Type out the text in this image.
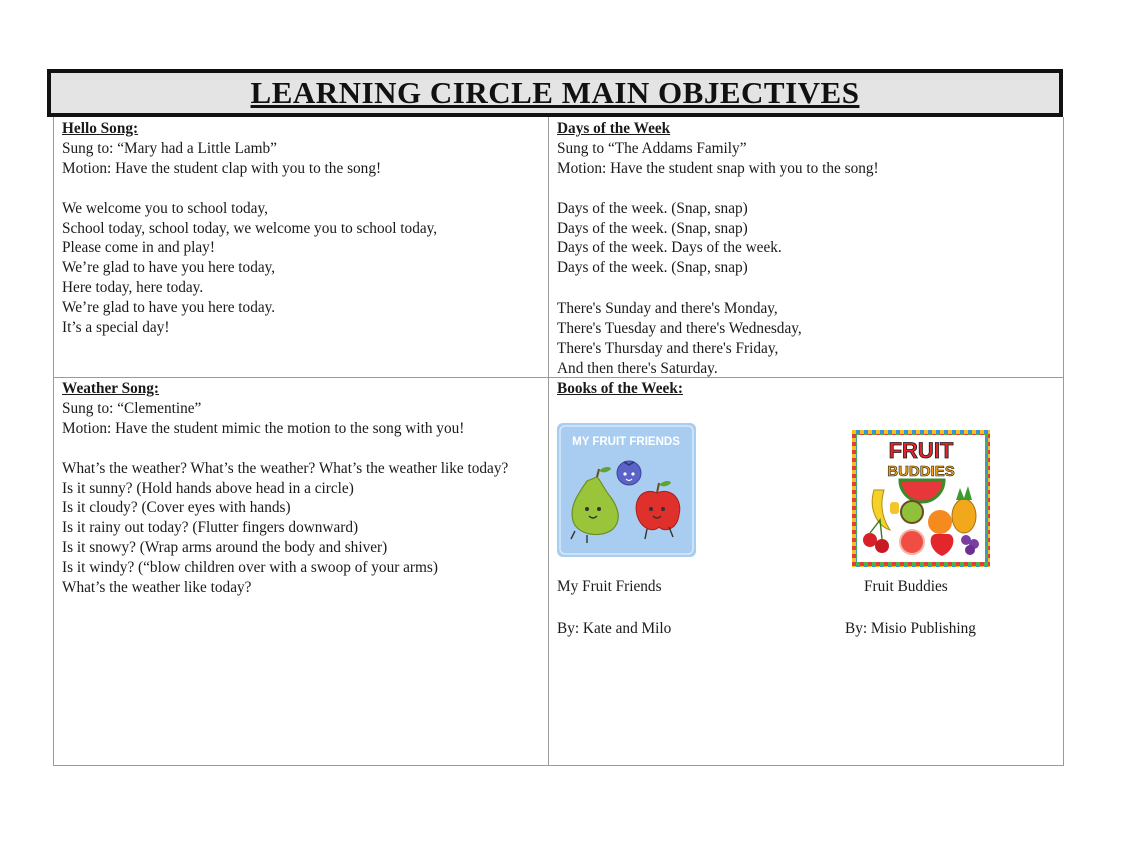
LEARNING CIRCLE MAIN OBJECTIVES
Hello Song:
Sung to: “Mary had a Little Lamb”
Motion: Have the student clap with you to the song!
We welcome you to school today,
School today, school today, we welcome you to school today,
Please come in and play!
We’re glad to have you here today,
Here today, here today.
We’re glad to have you here today.
It’s a special day!
Days of the Week
Sung to “The Addams Family”
Motion: Have the student snap with you to the song!
Days of the week. (Snap, snap)
Days of the week. (Snap, snap)
Days of the week. Days of the week.
Days of the week. (Snap, snap)
There's Sunday and there's Monday,
There's Tuesday and there's Wednesday,
There's Thursday and there's Friday,
And then there's Saturday.
Weather Song:
Sung to: “Clementine”
Motion: Have the student mimic the motion to the song with you!
What’s the weather? What’s the weather? What’s the weather like today?
Is it sunny? (Hold hands above head in a circle)
Is it cloudy? (Cover eyes with hands)
Is it rainy out today? (Flutter fingers downward)
Is it snowy? (Wrap arms around the body and shiver)
Is it windy? (“blow children over with a swoop of your arms)
What’s the weather like today?
Books of the Week:
MY FRUIT FRIENDS	FRUIT
BUDDIES
My Fruit Friends	Fruit Buddies
By: Kate and Milo	By: Misio Publishing
